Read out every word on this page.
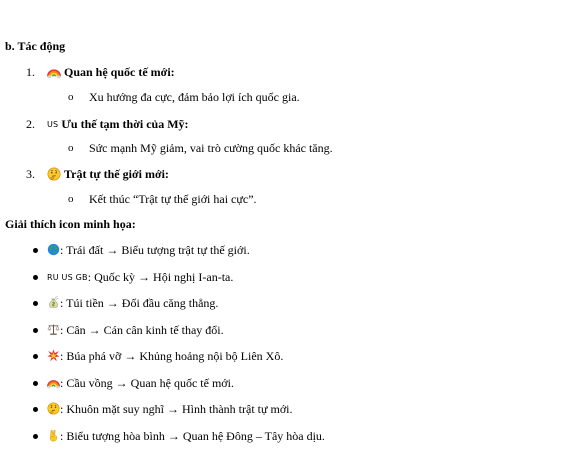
b. Tác động
1.	Quan hệ quốc tế mới:
o Xu hướng đa cực, đảm bảo lợi ích quốc gia.
2. US Ưu thế tạm thời của Mỹ:
o Sức mạnh Mỹ giảm, vai trò cường quốc khác tăng.
3.	Trật tự thế giới mới:
o Kết thúc “Trật tự thế giới hai cực”.
Giải thích icon minh họa:
: Trái đất → Biểu tượng trật tự thế giới.
RU US GB: Quốc kỳ → Hội nghị I-an-ta.
: Túi tiền → Đối đầu căng thẳng.
: Cân → Cán cân kinh tế thay đổi.
: Búa phá vỡ → Khủng hoảng nội bộ Liên Xô.
: Cầu vồng → Quan hệ quốc tế mới.
: Khuôn mặt suy nghĩ → Hình thành trật tự mới.
: Biểu tượng hòa bình → Quan hệ Đông – Tây hòa dịu.
